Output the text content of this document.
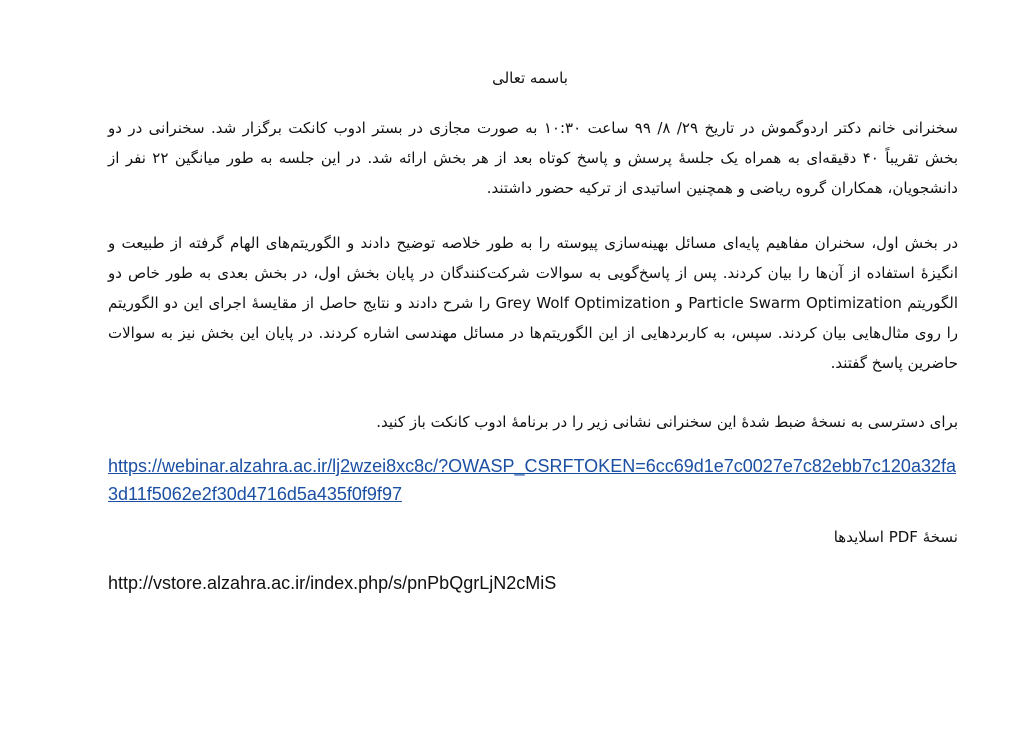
باسمه تعالی
سخنرانی خانم دکتر اردوگموش در تاریخ ۲۹/ ۸/ ۹۹ ساعت ۱۰:۳۰ به صورت مجازی در بستر ادوب کانکت برگزار شد. سخنرانی در دو بخش تقریباً ۴۰ دقیقه‌ای به همراه یک جلسهٔ پرسش و پاسخ کوتاه بعد از هر بخش ارائه شد. در این جلسه به طور میانگین ۲۲ نفر از دانشجویان، همکاران گروه ریاضی و همچنین اساتیدی از ترکیه حضور داشتند.
در بخش اول، سخنران مفاهیم پایه‌ای مسائل بهینه‌سازی پیوسته را به طور خلاصه توضیح دادند و الگوریتم‌های الهام گرفته از طبیعت و انگیزهٔ استفاده از آن‌ها را بیان کردند. پس از پاسخ‌گویی به سوالات شرکت‌کنندگان در پایان بخش اول، در بخش بعدی به طور خاص دو الگوریتم Particle Swarm Optimization و Grey Wolf Optimization را شرح دادند و نتایج حاصل از مقایسهٔ اجرای این دو الگوریتم را روی مثال‌هایی بیان کردند. سپس، به کاربردهایی از این الگوریتم‌ها در مسائل مهندسی اشاره کردند. در پایان این بخش نیز به سوالات حاضرین پاسخ گفتند.
برای دسترسی به نسخهٔ ضبط شدهٔ این سخنرانی نشانی زیر را در برنامهٔ ادوب کانکت باز کنید.
https://webinar.alzahra.ac.ir/lj2wzei8xc8c/?OWASP_CSRFTOKEN=6cc69d1e7c0027e7c82ebb7c120a32fa3d11f5062e2f30d4716d5a435f0f9f97
نسخهٔ PDF اسلایدها
http://vstore.alzahra.ac.ir/index.php/s/pnPbQgrLjN2cMiS
